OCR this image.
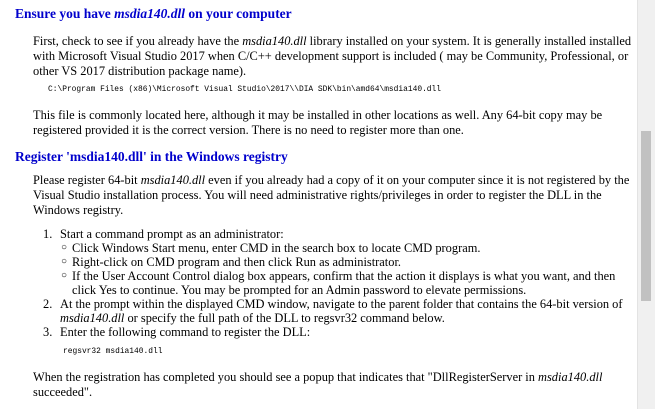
Ensure you have msdia140.dll on your computer

First, check to see if you already have the msdia140.dll library installed on your system. It is generally installed installed with Microsoft Visual Studio 2017 when C/C++ development support is included ( may be Community, Professional, or other VS 2017 distribution package name).

C:\Program Files (x86)\Microsoft Visual Studio\2017\\DIA SDK\bin\amd64\msdia140.dll

This file is commonly located here, although it may be installed in other locations as well. Any 64-bit copy may be registered provided it is the correct version. There is no need to register more than one.

Register 'msdia140.dll' in the Windows registry

Please register 64-bit msdia140.dll even if you already had a copy of it on your computer since it is not registered by the Visual Studio installation process. You will need administrative rights/privileges in order to register the DLL in the Windows registry.

1. Start a command prompt as an administrator:
○ Click Windows Start menu, enter CMD in the search box to locate CMD program.
○ Right-click on CMD program and then click Run as administrator.
○ If the User Account Control dialog box appears, confirm that the action it displays is what you want, and then click Yes to continue. You may be prompted for an Admin password to elevate permissions.
2. At the prompt within the displayed CMD window, navigate to the parent folder that contains the 64-bit version of msdia140.dll or specify the full path of the DLL to regsvr32 command below.
3. Enter the following command to register the DLL:
regsvr32 msdia140.dll

When the registration has completed you should see a popup that indicates that "DllRegisterServer in msdia140.dll succeeded".
